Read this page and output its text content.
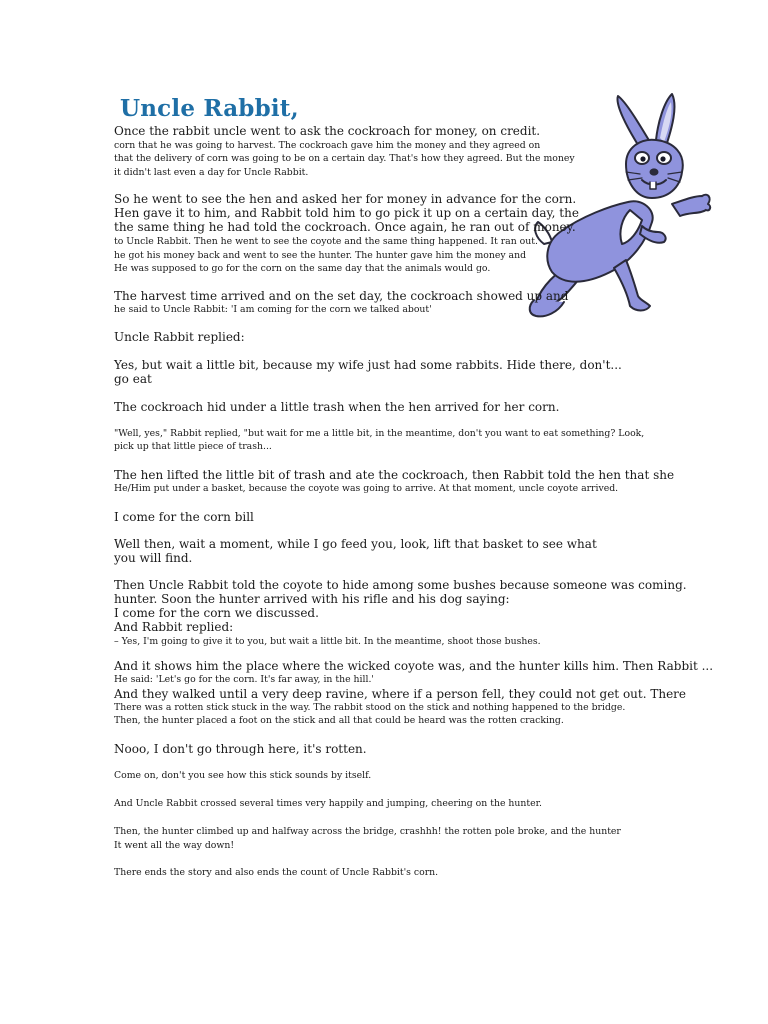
Uncle Rabbit,
Once the rabbit uncle went to ask the cockroach for money, on credit.
corn that he was going to harvest. The cockroach gave him the money and they agreed on
that the delivery of corn was going to be on a certain day. That's how they agreed. But the money
it didn't last even a day for Uncle Rabbit.
So he went to see the hen and asked her for money in advance for the corn.
Hen gave it to him, and Rabbit told him to go pick it up on a certain day, the
the same thing he had told the cockroach. Once again, he ran out of money.
to Uncle Rabbit. Then he went to see the coyote and the same thing happened. It ran out.
he got his money back and went to see the hunter. The hunter gave him the money and
He was supposed to go for the corn on the same day that the animals would go.
The harvest time arrived and on the set day, the cockroach showed up and
he said to Uncle Rabbit: 'I am coming for the corn we talked about'
Uncle Rabbit replied:
Yes, but wait a little bit, because my wife just had some rabbits. Hide there, don't...
go eat
The cockroach hid under a little trash when the hen arrived for her corn.
"Well, yes," Rabbit replied, "but wait for me a little bit, in the meantime, don't you want to eat something? Look,
pick up that little piece of trash...
The hen lifted the little bit of trash and ate the cockroach, then Rabbit told the hen that she
He/Him put under a basket, because the coyote was going to arrive. At that moment, uncle coyote arrived.
I come for the corn bill
Well then, wait a moment, while I go feed you, look, lift that basket to see what
you will find.
Then Uncle Rabbit told the coyote to hide among some bushes because someone was coming.
hunter. Soon the hunter arrived with his rifle and his dog saying:
I come for the corn we discussed.
And Rabbit replied:
– Yes, I'm going to give it to you, but wait a little bit. In the meantime, shoot those bushes.
And it shows him the place where the wicked coyote was, and the hunter kills him. Then Rabbit ...
He said: 'Let's go for the corn. It's far away, in the hill.'
And they walked until a very deep ravine, where if a person fell, they could not get out. There
There was a rotten stick stuck in the way. The rabbit stood on the stick and nothing happened to the bridge.
Then, the hunter placed a foot on the stick and all that could be heard was the rotten cracking.
Nooo, I don't go through here, it's rotten.
Come on, don't you see how this stick sounds by itself.
And Uncle Rabbit crossed several times very happily and jumping, cheering on the hunter.
Then, the hunter climbed up and halfway across the bridge, crashhh! the rotten pole broke, and the hunter
It went all the way down!
There ends the story and also ends the count of Uncle Rabbit's corn.
